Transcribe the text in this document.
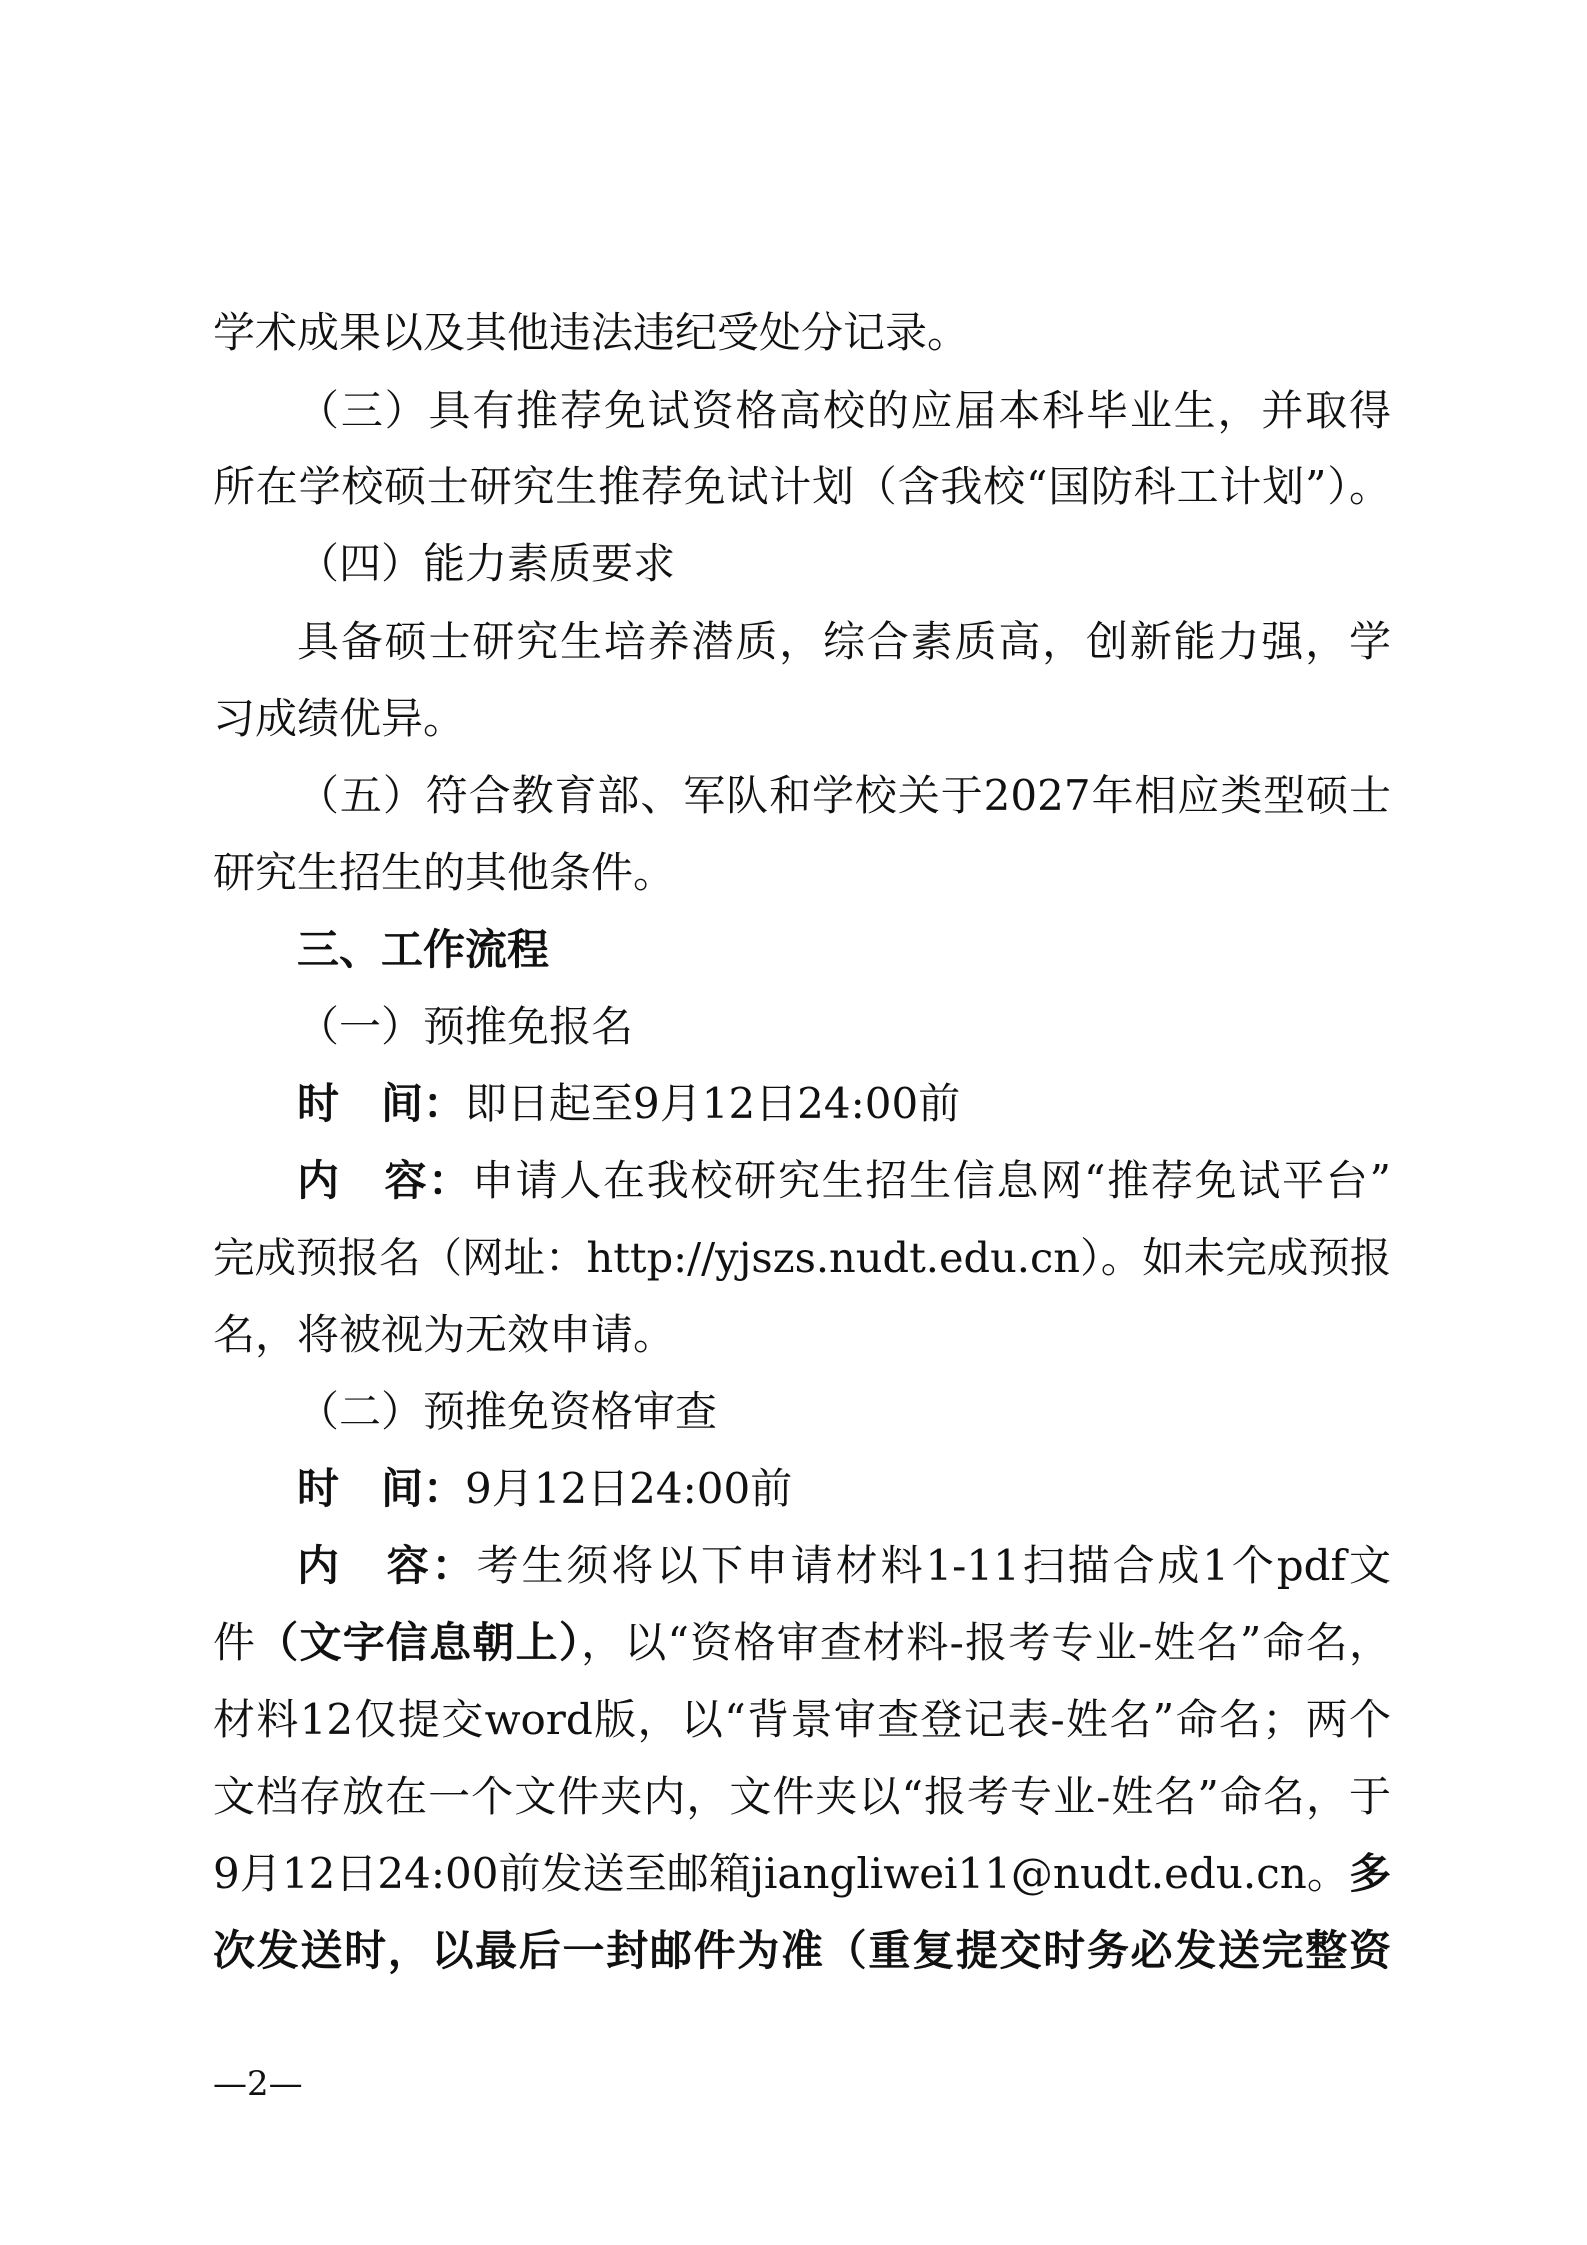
学术成果以及其他违法违纪受处分记录。
（三）具有推荐免试资格高校的应届本科毕业生，并取得
所在学校硕士研究生推荐免试计划（含我校“国防科工计划”）。
（四）能力素质要求
具备硕士研究生培养潜质，综合素质高，创新能力强，学
习成绩优异。
（五）符合教育部、军队和学校关于2027年相应类型硕士
研究生招生的其他条件。
三、工作流程
（一）预推免报名
时　间：即日起至9月12日24:00前
内　容：申请人在我校研究生招生信息网“推荐免试平台”
完成预报名（网址：http://yjszs.nudt.edu.cn）。如未完成预报
名，将被视为无效申请。
（二）预推免资格审查
时　间：9月12日24:00前
内　容：考生须将以下申请材料1-11扫描合成1个pdf文
件（文字信息朝上），以“资格审查材料-报考专业-姓名”命名，
材料12仅提交word版，以“背景审查登记表-姓名”命名；两个
文档存放在一个文件夹内，文件夹以“报考专业-姓名”命名，于
9月12日24:00前发送至邮箱jiangliwei11@nudt.edu.cn。多
次发送时，以最后一封邮件为准（重复提交时务必发送完整资
—2—
